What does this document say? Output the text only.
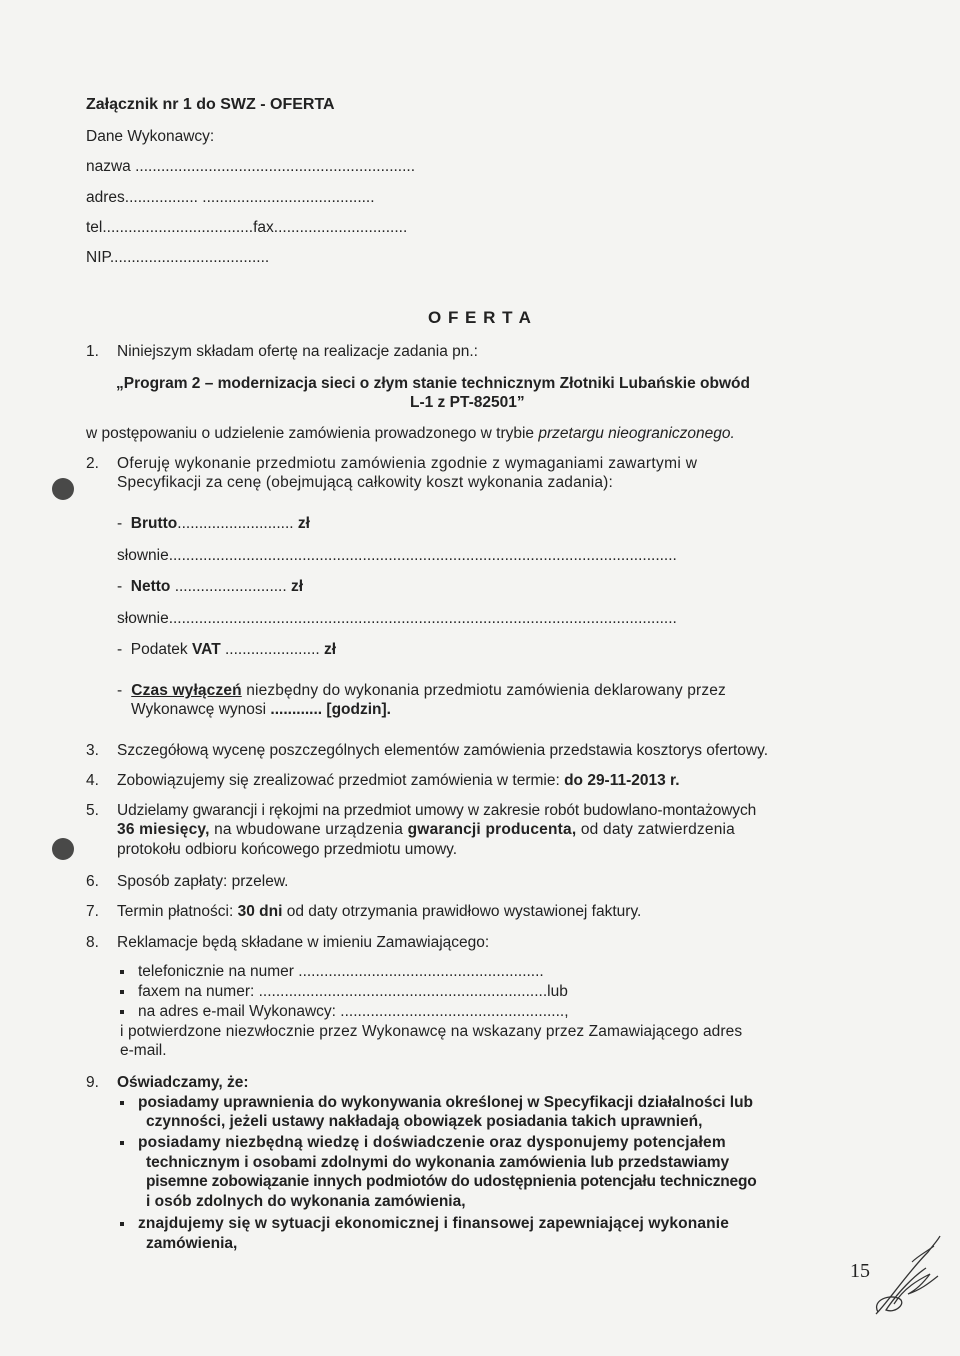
Załącznik nr 1 do SWZ - OFERTA
Dane Wykonawcy:
nazwa .................................................................
adres................. ........................................
tel...................................fax...............................
NIP.....................................
O F E R T A
1. Niniejszym składam ofertę na realizacje zadania pn.:
„Program 2 – modernizacja sieci o złym stanie technicznym Złotniki Lubańskie obwód
L-1 z PT-82501”
w postępowaniu o udzielenie zamówienia prowadzonego w trybie przetargu nieograniczonego.
2. Oferuję wykonanie przedmiotu zamówienia zgodnie z wymaganiami zawartymi w
Specyfikacji za cenę (obejmującą całkowity koszt wykonania zadania):
-  Brutto........................... zł
słownie......................................................................................................................
-  Netto .......................... zł
słownie......................................................................................................................
-  Podatek VAT ...................... zł
-  Czas wyłączeń niezbędny do wykonania przedmiotu zamówienia deklarowany przez
Wykonawcę wynosi ............ [godzin].
3. Szczegółową wycenę poszczególnych elementów zamówienia przedstawia kosztorys ofertowy.
4. Zobowiązujemy się zrealizować przedmiot zamówienia w termie: do 29-11-2013 r.
5. Udzielamy gwarancji i rękojmi na przedmiot umowy w zakresie robót budowlano-montażowych
36 miesięcy, na wbudowane urządzenia gwarancji producenta, od daty zatwierdzenia
protokołu odbioru końcowego przedmiotu umowy.
6. Sposób zapłaty: przelew.
7. Termin płatności: 30 dni od daty otrzymania prawidłowo wystawionej faktury.
8. Reklamacje będą składane w imieniu Zamawiającego:
telefonicznie na numer .........................................................
faxem na numer: ...................................................................lub
na adres e-mail Wykonawcy: ....................................................,
i potwierdzone niezwłocznie przez Wykonawcę na wskazany przez Zamawiającego adres
e-mail.
9. Oświadczamy, że:
posiadamy uprawnienia do wykonywania określonej w Specyfikacji działalności lub
czynności, jeżeli ustawy nakładają obowiązek posiadania takich uprawnień,
posiadamy niezbędną wiedzę i doświadczenie oraz dysponujemy potencjałem
technicznym i osobami zdolnymi do wykonania zamówienia lub przedstawiamy
pisemne zobowiązanie innych podmiotów do udostępnienia potencjału technicznego
i osób zdolnych do wykonania zamówienia,
znajdujemy się w sytuacji ekonomicznej i finansowej zapewniającej wykonanie
zamówienia,
15
